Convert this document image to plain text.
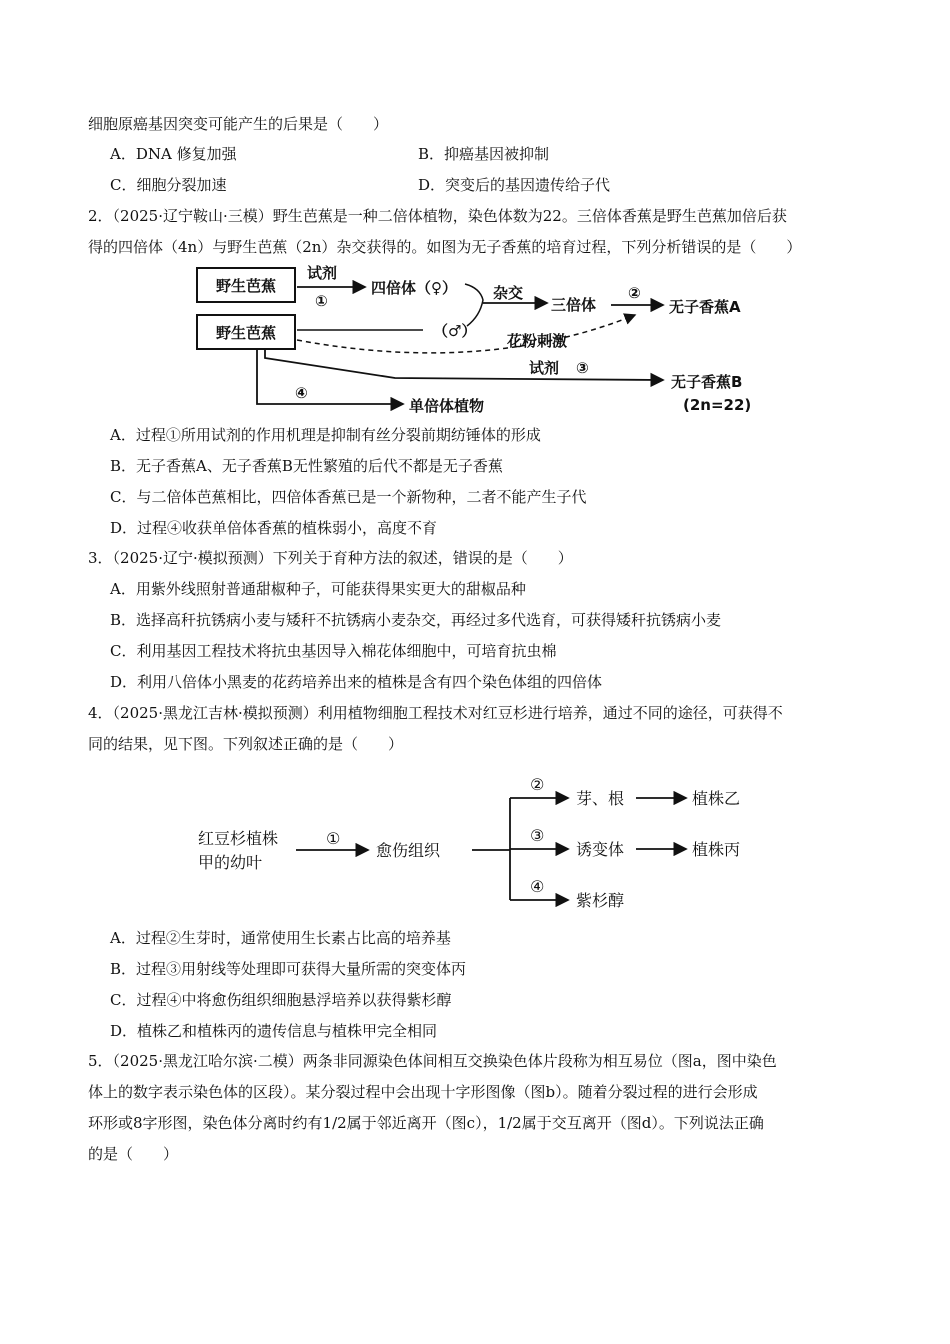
细胞原癌基因突变可能产生的后果是（　　）
A．DNA 修复加强	B．抑癌基因被抑制
C．细胞分裂加速	D．突变后的基因遗传给子代
2．（2025·辽宁鞍山·三模）野生芭蕉是一种二倍体植物，染色体数为22。三倍体香蕉是野生芭蕉加倍后获
得的四倍体（4n）与野生芭蕉（2n）杂交获得的。如图为无子香蕉的培育过程，下列分析错误的是（　　）
野生芭蕉
野生芭蕉
试剂
①
四倍体（♀）
（♂）
杂交
三倍体
②
无子香蕉A
花粉刺激
试剂 ③
无子香蕉B
(2n=22)
④
单倍体植物
A．过程①所用试剂的作用机理是抑制有丝分裂前期纺锤体的形成
B．无子香蕉A、无子香蕉B无性繁殖的后代不都是无子香蕉
C．与二倍体芭蕉相比，四倍体香蕉已是一个新物种，二者不能产生子代
D．过程④收获单倍体香蕉的植株弱小，高度不育
3．（2025·辽宁·模拟预测）下列关于育种方法的叙述，错误的是（　　）
A．用紫外线照射普通甜椒种子，可能获得果实更大的甜椒品种
B．选择高秆抗锈病小麦与矮秆不抗锈病小麦杂交，再经过多代选育，可获得矮秆抗锈病小麦
C．利用基因工程技术将抗虫基因导入棉花体细胞中，可培育抗虫棉
D．利用八倍体小黑麦的花药培养出来的植株是含有四个染色体组的四倍体
4．（2025·黑龙江吉林·模拟预测）利用植物细胞工程技术对红豆杉进行培养，通过不同的途径，可获得不
同的结果，见下图。下列叙述正确的是（　　）
红豆杉植株
甲的幼叶
①
愈伤组织
②
芽、根	植株乙
③
诱变体	植株丙
④
紫杉醇
A．过程②生芽时，通常使用生长素占比高的培养基
B．过程③用射线等处理即可获得大量所需的突变体丙
C．过程④中将愈伤组织细胞悬浮培养以获得紫杉醇
D．植株乙和植株丙的遗传信息与植株甲完全相同
5．（2025·黑龙江哈尔滨·二模）两条非同源染色体间相互交换染色体片段称为相互易位（图a，图中染色
体上的数字表示染色体的区段）。某分裂过程中会出现十字形图像（图b）。随着分裂过程的进行会形成
环形或8字形图，染色体分离时约有1/2属于邻近离开（图c），1/2属于交互离开（图d）。下列说法正确
的是（　　）
